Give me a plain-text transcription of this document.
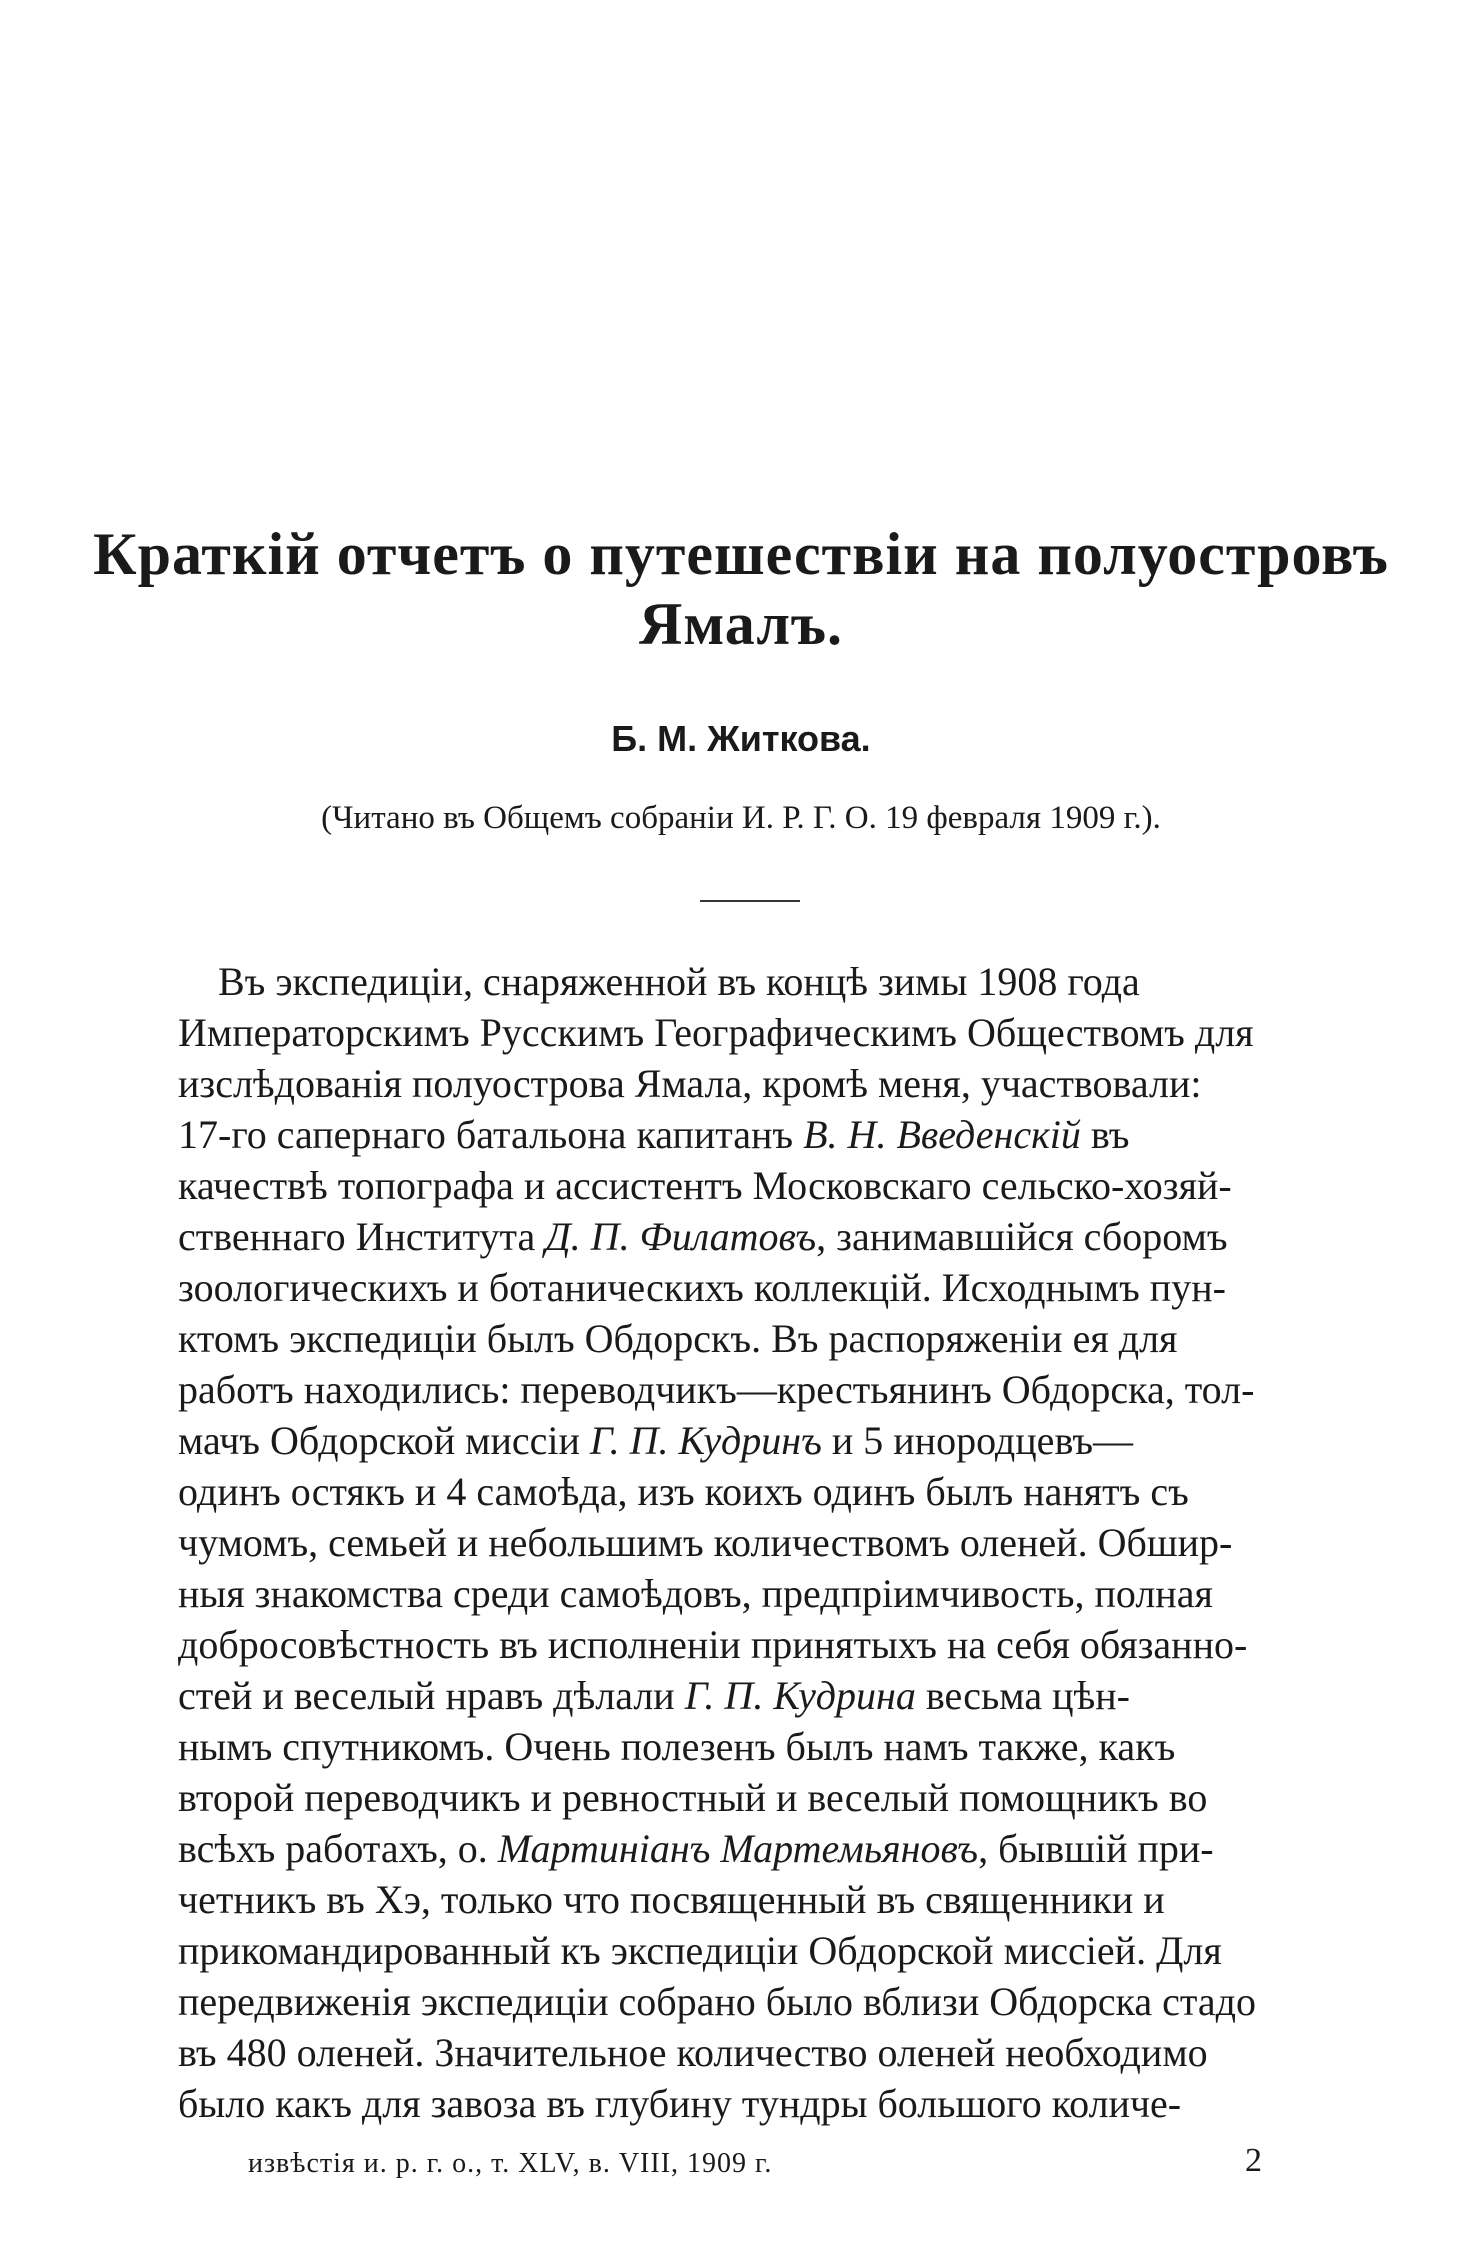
Краткій отчетъ о путешествіи на полуостровъ
Ямалъ.
Б. М. Житкова.
(Читано въ Общемъ собраніи И. Р. Г. О. 19 февраля 1909 г.).
Въ экспедиціи, снаряженной въ концѣ зимы 1908 года
Императорскимъ Русскимъ Географическимъ Обществомъ для
изслѣдованія полуострова Ямала, кромѣ меня, участвовали:
17-го сапернаго батальона капитанъ В. Н. Введенскій въ
качествѣ топографа и ассистентъ Московскаго сельско-хозяй-
ственнаго Института Д. П. Филатовъ, занимавшійся сборомъ
зоологическихъ и ботаническихъ коллекцій. Исходнымъ пун-
ктомъ экспедиціи былъ Обдорскъ. Въ распоряженіи ея для
работъ находились: переводчикъ—крестьянинъ Обдорска, тол-
мачъ Обдорской миссіи Г. П. Кудринъ и 5 инородцевъ—
одинъ остякъ и 4 самоѣда, изъ коихъ одинъ былъ нанятъ съ
чумомъ, семьей и небольшимъ количествомъ оленей. Обшир-
ныя знакомства среди самоѣдовъ, предпріимчивость, полная
добросовѣстность въ исполненіи принятыхъ на себя обязанно-
стей и веселый нравъ дѣлали Г. П. Кудрина весьма цѣн-
нымъ спутникомъ. Очень полезенъ былъ намъ также, какъ
второй переводчикъ и ревностный и веселый помощникъ во
всѣхъ работахъ, о. Мартиніанъ Мартемьяновъ, бывшій при-
четникъ въ Хэ, только что посвященный въ священники и
прикомандированный къ экспедиціи Обдорской миссіей. Для
передвиженія экспедиціи собрано было вблизи Обдорска стадо
въ 480 оленей. Значительное количество оленей необходимо
было какъ для завоза въ глубину тундры большого количе-
извѣстія и. р. г. о., т. XLV, в. VIII, 1909 г.	2
